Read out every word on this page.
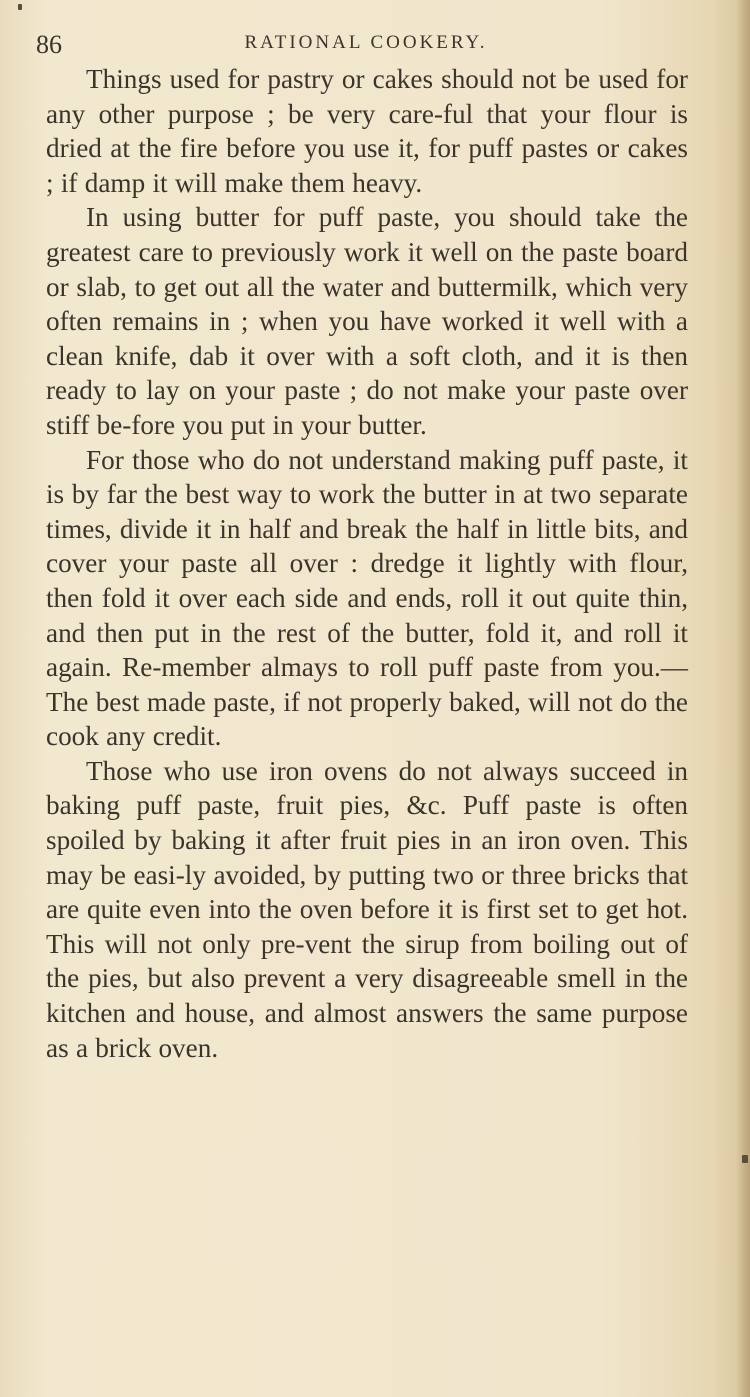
86	RATIONAL COOKERY.

Things used for pastry or cakes should not be used for any other purpose ; be very care-ful that your flour is dried at the fire before you use it, for puff pastes or cakes ; if damp it will make them heavy.

In using butter for puff paste, you should take the greatest care to previously work it well on the paste board or slab, to get out all the water and buttermilk, which very often remains in ; when you have worked it well with a clean knife, dab it over with a soft cloth, and it is then ready to lay on your paste ; do not make your paste over stiff be-fore you put in your butter.

For those who do not understand making puff paste, it is by far the best way to work the butter in at two separate times, divide it in half and break the half in little bits, and cover your paste all over : dredge it lightly with flour, then fold it over each side and ends, roll it out quite thin, and then put in the rest of the butter, fold it, and roll it again. Re-member almays to roll puff paste from you.— The best made paste, if not properly baked, will not do the cook any credit.

Those who use iron ovens do not always succeed in baking puff paste, fruit pies, &c. Puff paste is often spoiled by baking it after fruit pies in an iron oven. This may be easi-ly avoided, by putting two or three bricks that are quite even into the oven before it is first set to get hot. This will not only pre-vent the sirup from boiling out of the pies, but also prevent a very disagreeable smell in the kitchen and house, and almost answers the same purpose as a brick oven.
